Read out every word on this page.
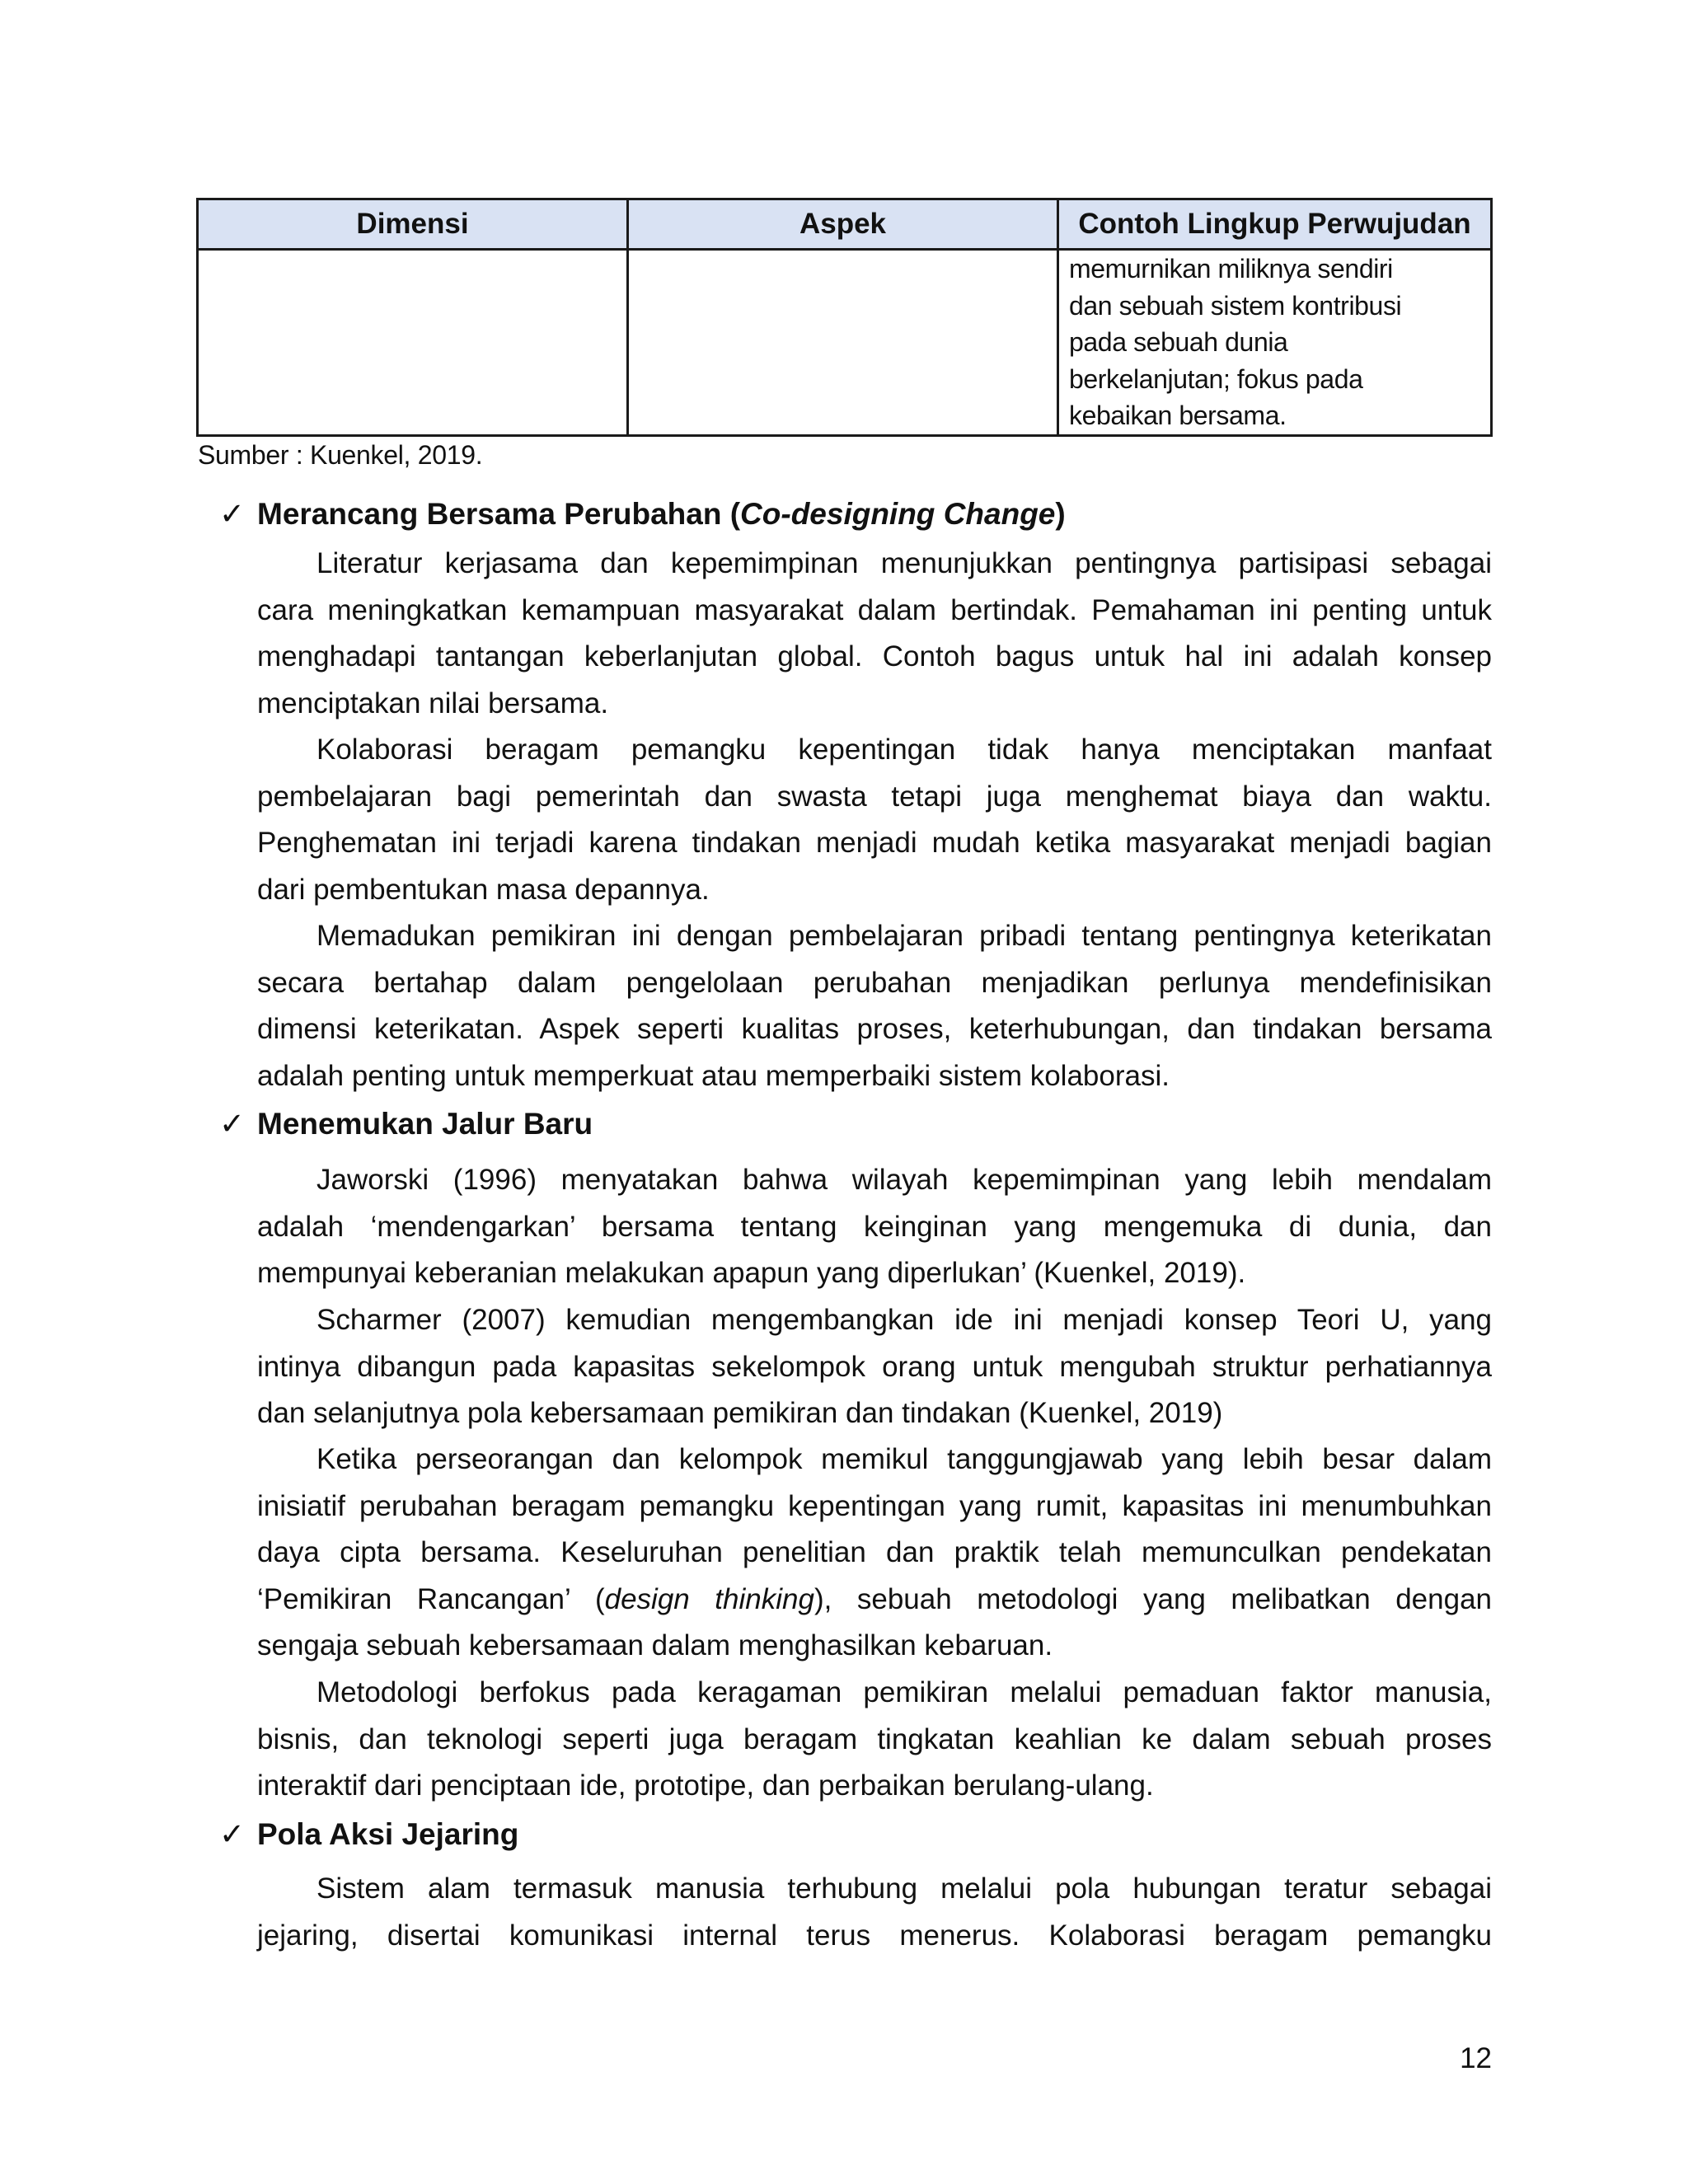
Dimensi	Aspek	Contoh Lingkup Perwujudan

		memurnikan miliknya sendiri
dan sebuah sistem kontribusi
pada sebuah dunia
berkelanjutan; fokus pada
kebaikan bersama.
Sumber : Kuenkel, 2019.
✓ Merancang Bersama Perubahan (Co-designing Change)
Literatur kerjasama dan kepemimpinan menunjukkan pentingnya partisipasi sebagai
cara meningkatkan kemampuan masyarakat dalam bertindak. Pemahaman ini penting untuk
menghadapi tantangan keberlanjutan global. Contoh bagus untuk hal ini adalah konsep
menciptakan nilai bersama.
Kolaborasi beragam pemangku kepentingan tidak hanya menciptakan manfaat
pembelajaran bagi pemerintah dan swasta tetapi juga menghemat biaya dan waktu.
Penghematan ini terjadi karena tindakan menjadi mudah ketika masyarakat menjadi bagian
dari pembentukan masa depannya.
Memadukan pemikiran ini dengan pembelajaran pribadi tentang pentingnya keterikatan
secara bertahap dalam pengelolaan perubahan menjadikan perlunya mendefinisikan
dimensi keterikatan. Aspek seperti kualitas proses, keterhubungan, dan tindakan bersama
adalah penting untuk memperkuat atau memperbaiki sistem kolaborasi.
✓ Menemukan Jalur Baru
Jaworski (1996) menyatakan bahwa wilayah kepemimpinan yang lebih mendalam
adalah ‘mendengarkan’ bersama tentang keinginan yang mengemuka di dunia, dan
mempunyai keberanian melakukan apapun yang diperlukan’ (Kuenkel, 2019).
Scharmer (2007) kemudian mengembangkan ide ini menjadi konsep Teori U, yang
intinya dibangun pada kapasitas sekelompok orang untuk mengubah struktur perhatiannya
dan selanjutnya pola kebersamaan pemikiran dan tindakan (Kuenkel, 2019)
Ketika perseorangan dan kelompok memikul tanggungjawab yang lebih besar dalam
inisiatif perubahan beragam pemangku kepentingan yang rumit, kapasitas ini menumbuhkan
daya cipta bersama. Keseluruhan penelitian dan praktik telah memunculkan pendekatan
‘Pemikiran Rancangan’ (design thinking), sebuah metodologi yang melibatkan dengan
sengaja sebuah kebersamaan dalam menghasilkan kebaruan.
Metodologi berfokus pada keragaman pemikiran melalui pemaduan faktor manusia,
bisnis, dan teknologi seperti juga beragam tingkatan keahlian ke dalam sebuah proses
interaktif dari penciptaan ide, prototipe, dan perbaikan berulang-ulang.
✓ Pola Aksi Jejaring
Sistem alam termasuk manusia terhubung melalui pola hubungan teratur sebagai
jejaring, disertai komunikasi internal terus menerus. Kolaborasi beragam pemangku
12
